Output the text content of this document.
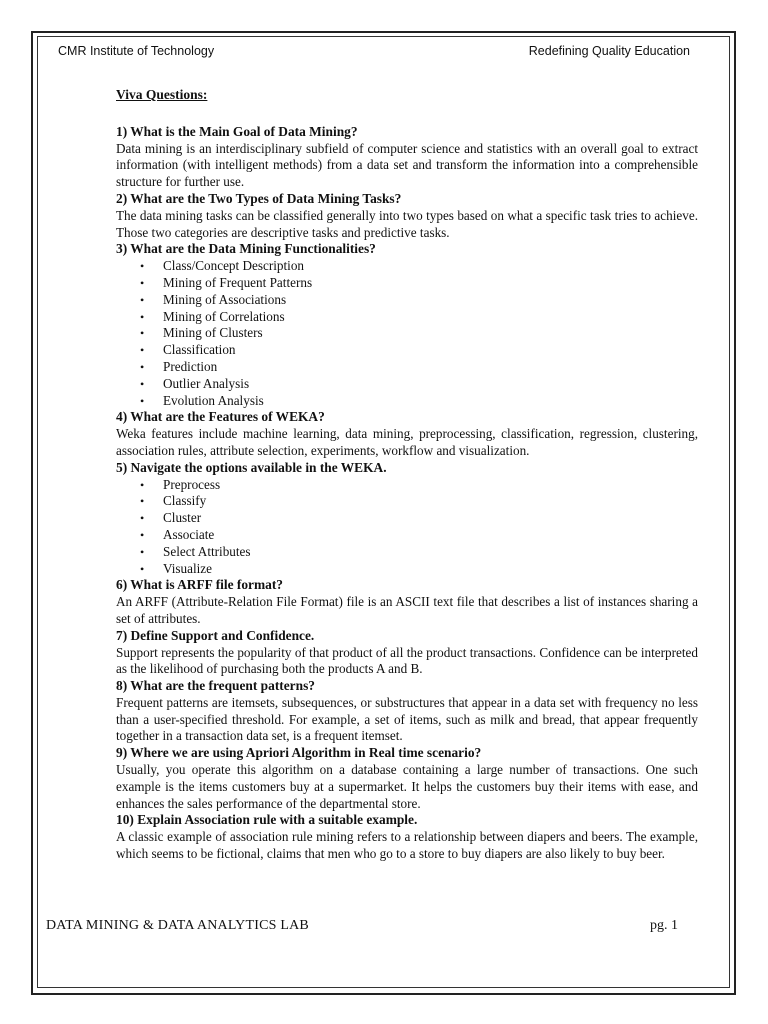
CMR Institute of Technology	Redefining Quality Education
Viva Questions:

1) What is the Main Goal of Data Mining?

Data mining is an interdisciplinary subfield of computer science and statistics with an overall goal to extract information (with intelligent methods) from a data set and transform the information into a comprehensible structure for further use.

2) What are the Two Types of Data Mining Tasks?

The data mining tasks can be classified generally into two types based on what a specific task tries to achieve. Those two categories are descriptive tasks and predictive tasks.

3) What are the Data Mining Functionalities?

• Class/Concept Description
• Mining of Frequent Patterns
• Mining of Associations
• Mining of Correlations
• Mining of Clusters
• Classification
• Prediction
• Outlier Analysis
• Evolution Analysis

4) What are the Features of WEKA?

Weka features include machine learning, data mining, preprocessing, classification, regression, clustering, association rules, attribute selection, experiments, workflow and visualization.

5) Navigate the options available in the WEKA.

• Preprocess
• Classify
• Cluster
• Associate
• Select Attributes
• Visualize

6) What is ARFF file format?

An ARFF (Attribute-Relation File Format) file is an ASCII text file that describes a list of instances sharing a set of attributes.

7) Define Support and Confidence.

Support represents the popularity of that product of all the product transactions. Confidence can be interpreted as the likelihood of purchasing both the products A and B.

8) What are the frequent patterns?

Frequent patterns are itemsets, subsequences, or substructures that appear in a data set with frequency no less than a user-specified threshold. For example, a set of items, such as milk and bread, that appear frequently together in a transaction data set, is a frequent itemset.

9) Where we are using Apriori Algorithm in Real time scenario?

Usually, you operate this algorithm on a database containing a large number of transactions. One such example is the items customers buy at a supermarket. It helps the customers buy their items with ease, and enhances the sales performance of the departmental store.

10) Explain Association rule with a suitable example.

A classic example of association rule mining refers to a relationship between diapers and beers. The example, which seems to be fictional, claims that men who go to a store to buy diapers are also likely to buy beer.

DATA MINING & DATA ANALYTICS LAB	pg. 1
